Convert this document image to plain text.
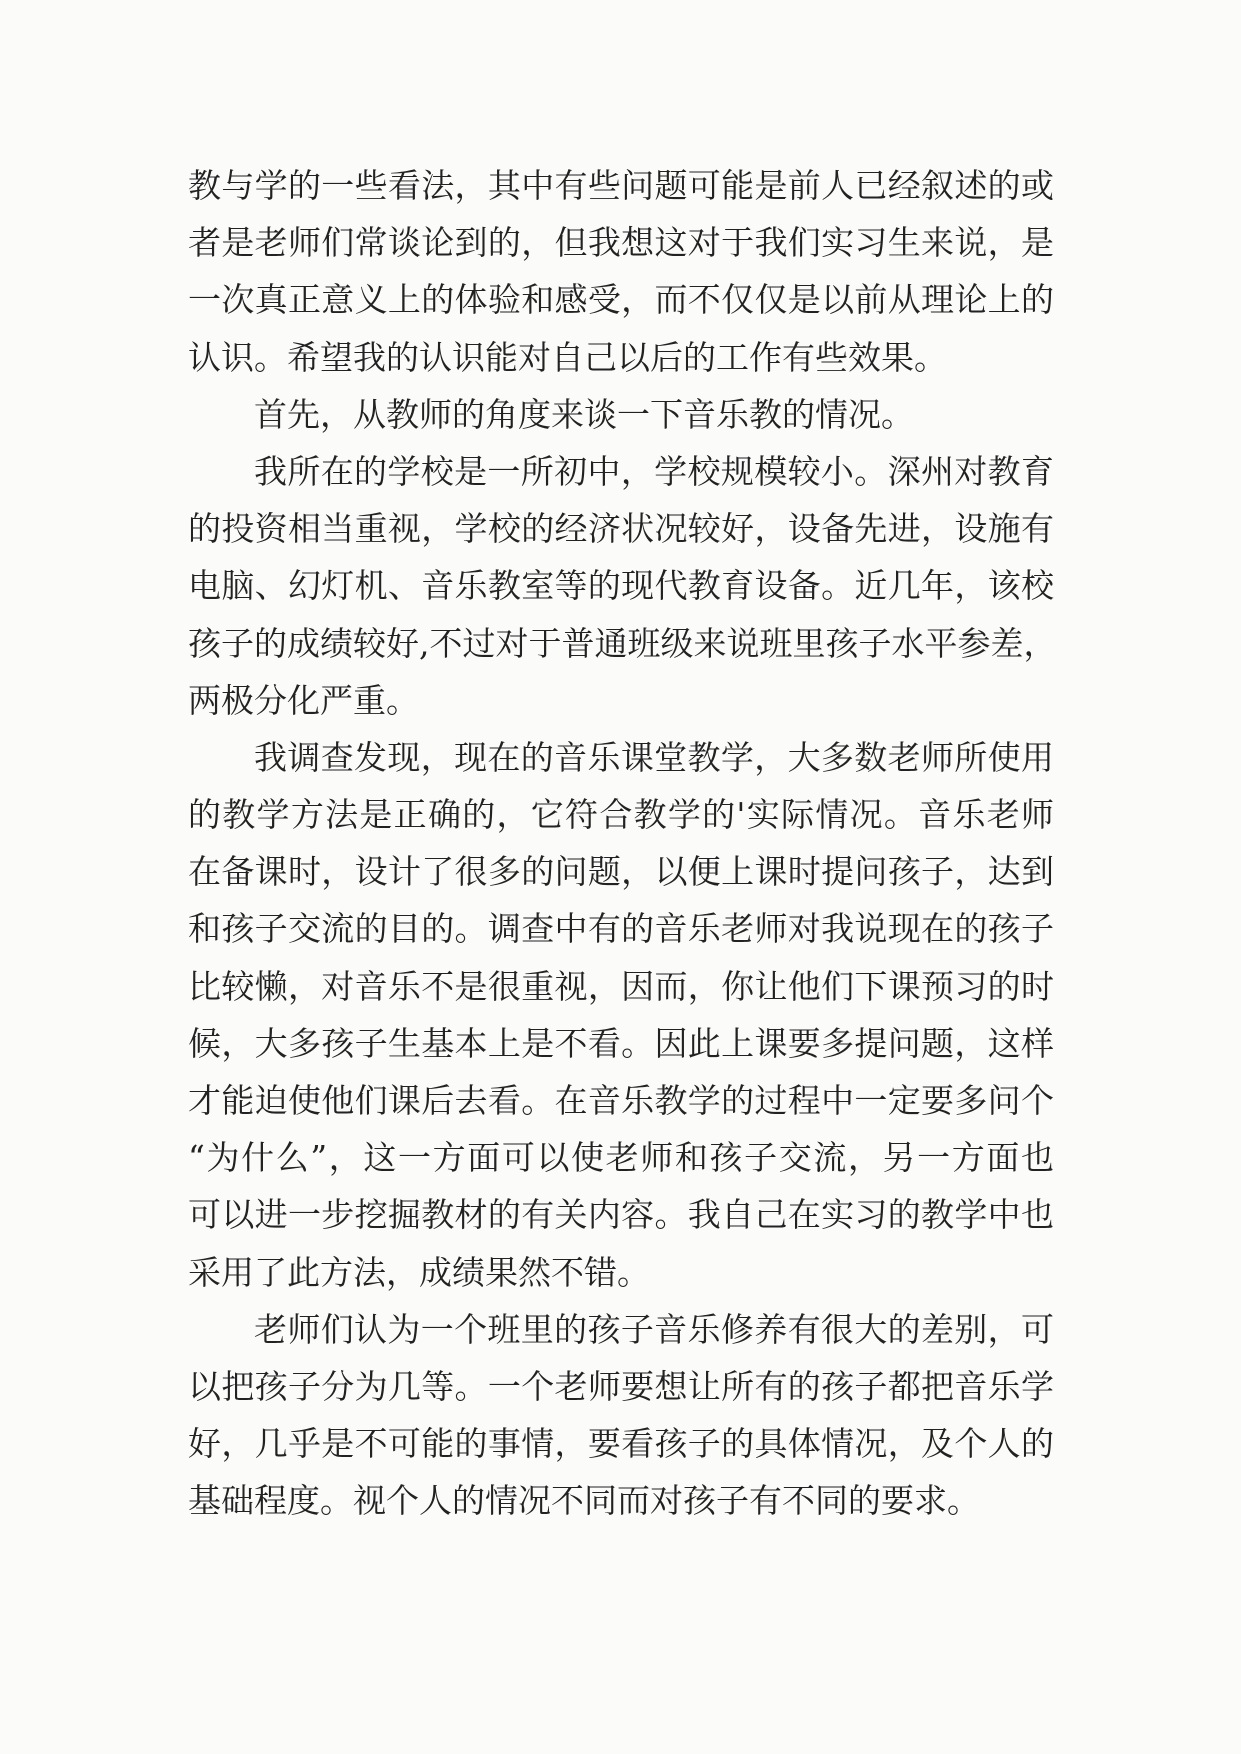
教与学的一些看法，其中有些问题可能是前人已经叙述的或
者是老师们常谈论到的，但我想这对于我们实习生来说，是
一次真正意义上的体验和感受，而不仅仅是以前从理论上的
认识。希望我的认识能对自己以后的工作有些效果。
首先，从教师的角度来谈一下音乐教的情况。
我所在的学校是一所初中，学校规模较小。深州对教育
的投资相当重视，学校的经济状况较好，设备先进，设施有
电脑、幻灯机、音乐教室等的现代教育设备。近几年，该校
孩子的成绩较好,不过对于普通班级来说班里孩子水平参差，
两极分化严重。
我调查发现，现在的音乐课堂教学，大多数老师所使用
的教学方法是正确的，它符合教学的'实际情况。音乐老师
在备课时，设计了很多的问题，以便上课时提问孩子，达到
和孩子交流的目的。调查中有的音乐老师对我说现在的孩子
比较懒，对音乐不是很重视，因而，你让他们下课预习的时
候，大多孩子生基本上是不看。因此上课要多提问题，这样
才能迫使他们课后去看。在音乐教学的过程中一定要多问个
“为什么”，这一方面可以使老师和孩子交流，另一方面也
可以进一步挖掘教材的有关内容。我自己在实习的教学中也
采用了此方法，成绩果然不错。
老师们认为一个班里的孩子音乐修养有很大的差别，可
以把孩子分为几等。一个老师要想让所有的孩子都把音乐学
好，几乎是不可能的事情，要看孩子的具体情况，及个人的
基础程度。视个人的情况不同而对孩子有不同的要求。
